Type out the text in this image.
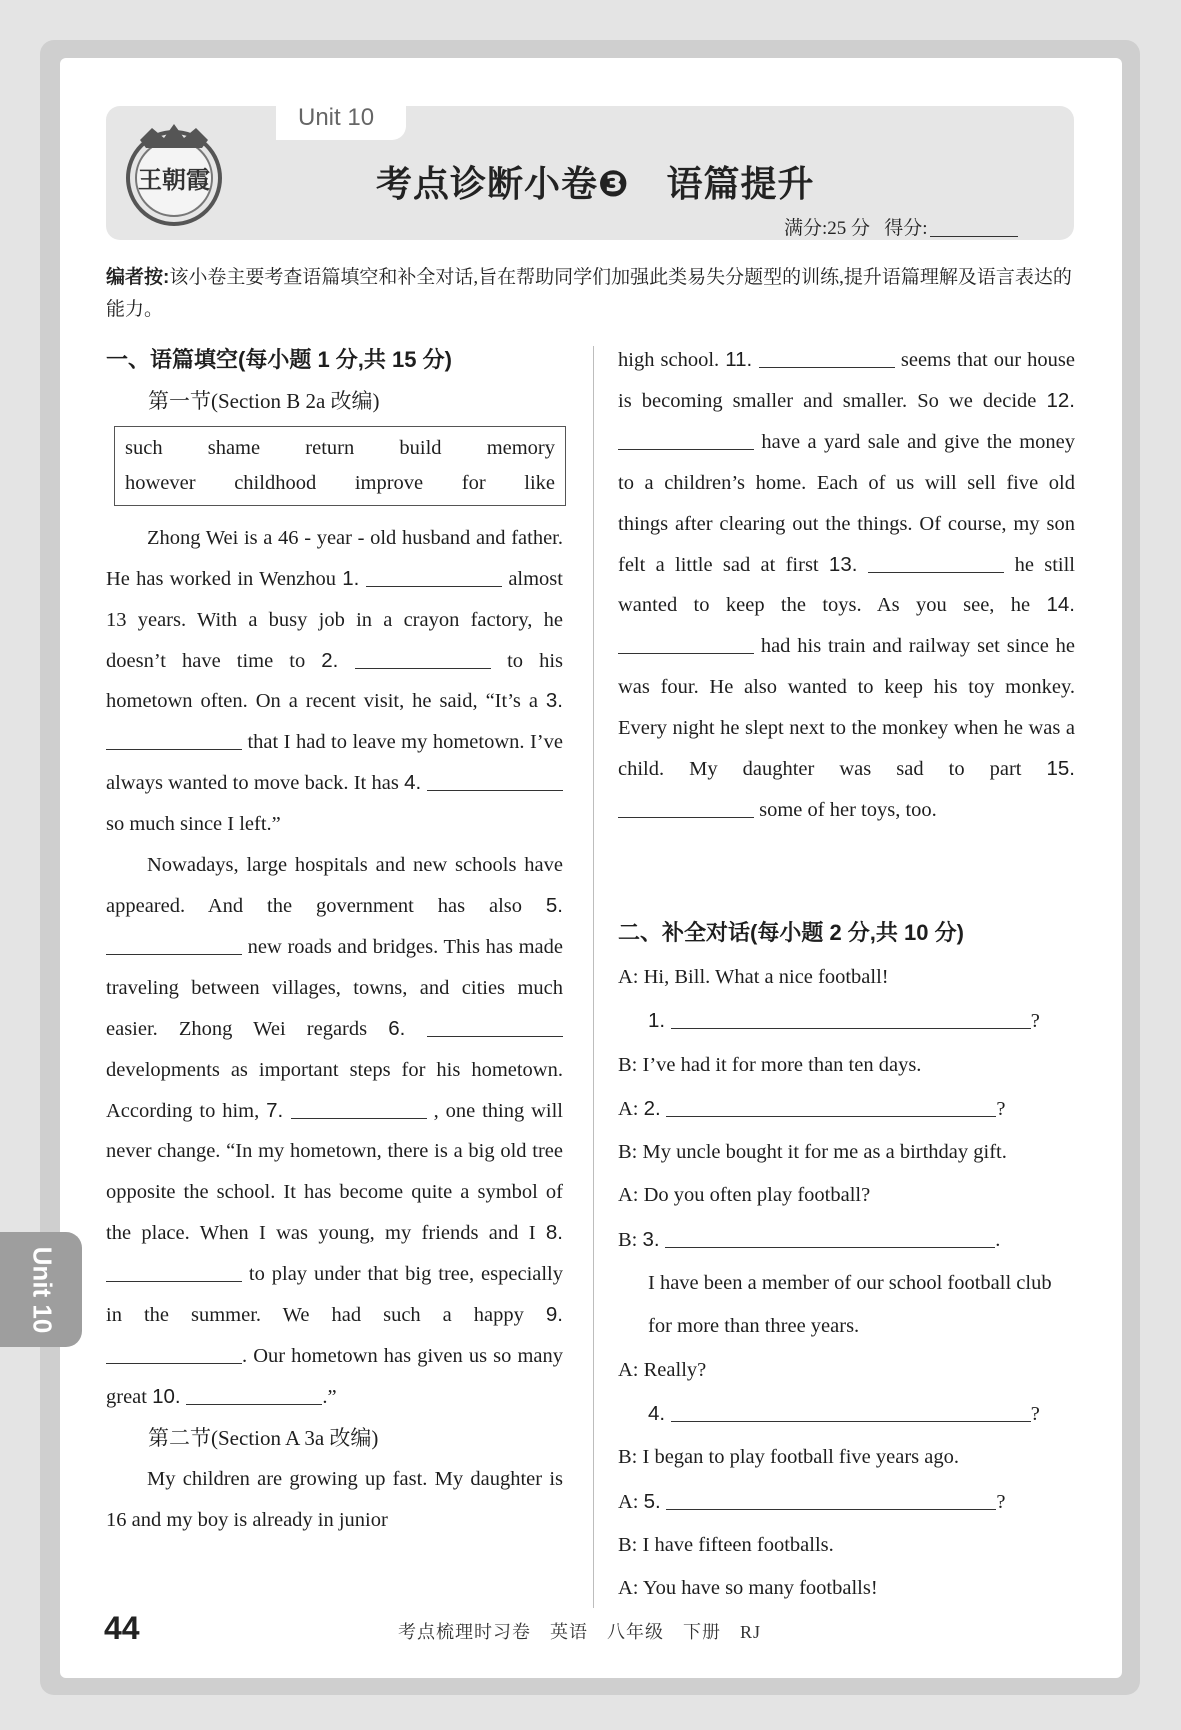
Unit 10
王朝霞	考点诊断小卷❸　语篇提升
满分:25 分 得分:
编者按:该小卷主要考查语篇填空和补全对话,旨在帮助同学们加强此类易失分题型的训练,提升语篇理解及语言表达的能力。

一、语篇填空(每小题 1 分,共 15 分)

第一节(Section B 2a 改编)

such shame return build memory
however childhood improve for like

Zhong Wei is a 46 - year - old husband and father. He has worked in Wenzhou 1.	almost 13 years. With a busy job in a crayon factory, he doesn’t have time to 2.	to his hometown often. On a recent visit, he said, “It’s a 3.  that I had to leave my hometown. I’ve always wanted to move back. It has 4.  so much since I left.”

Nowadays, large hospitals and new schools have appeared. And the government has also 5.  new roads and bridges. This has made traveling between villages, towns, and cities much easier. Zhong Wei regards 6.  developments as important steps for his hometown. According to him, 7.	, one thing will never change. “In my hometown, there is a big old tree opposite the school. It has become quite a symbol of the place. When I was young, my friends and I 8.  to play under that big tree, especially in the summer. We had such a happy 9. . Our hometown has given us so many great 10.	.”

第二节(Section A 3a 改编)

My children are growing up fast. My daughter is 16 and my boy is already in junior

high school. 11.	seems that our house is becoming smaller and smaller. So we decide 12.  have a yard sale and give the money to a children’s home. Each of us will sell five old things after clearing out the things. Of course, my son felt a little sad at first 13.	he still wanted to keep the toys. As you see, he 14.  had his train and railway set since he was four. He also wanted to keep his toy monkey. Every night he slept next to the monkey when he was a child. My daughter was sad to part 15.  some of her toys, too.

二、补全对话(每小题 2 分,共 10 分)

A: Hi, Bill. What a nice football!

1.	?

B: I’ve had it for more than ten days.

A: 2.	?

B: My uncle bought it for me as a birthday gift.

A: Do you often play football?

B: 3.	.

I have been a member of our school football club for more than three years.

A: Really?

4.	?

B: I began to play football five years ago.

A: 5.	?

B: I have fifteen footballs.

A: You have so many footballs!

Unit 10
44	考点梳理时习卷　英语　八年级　下册　RJ
